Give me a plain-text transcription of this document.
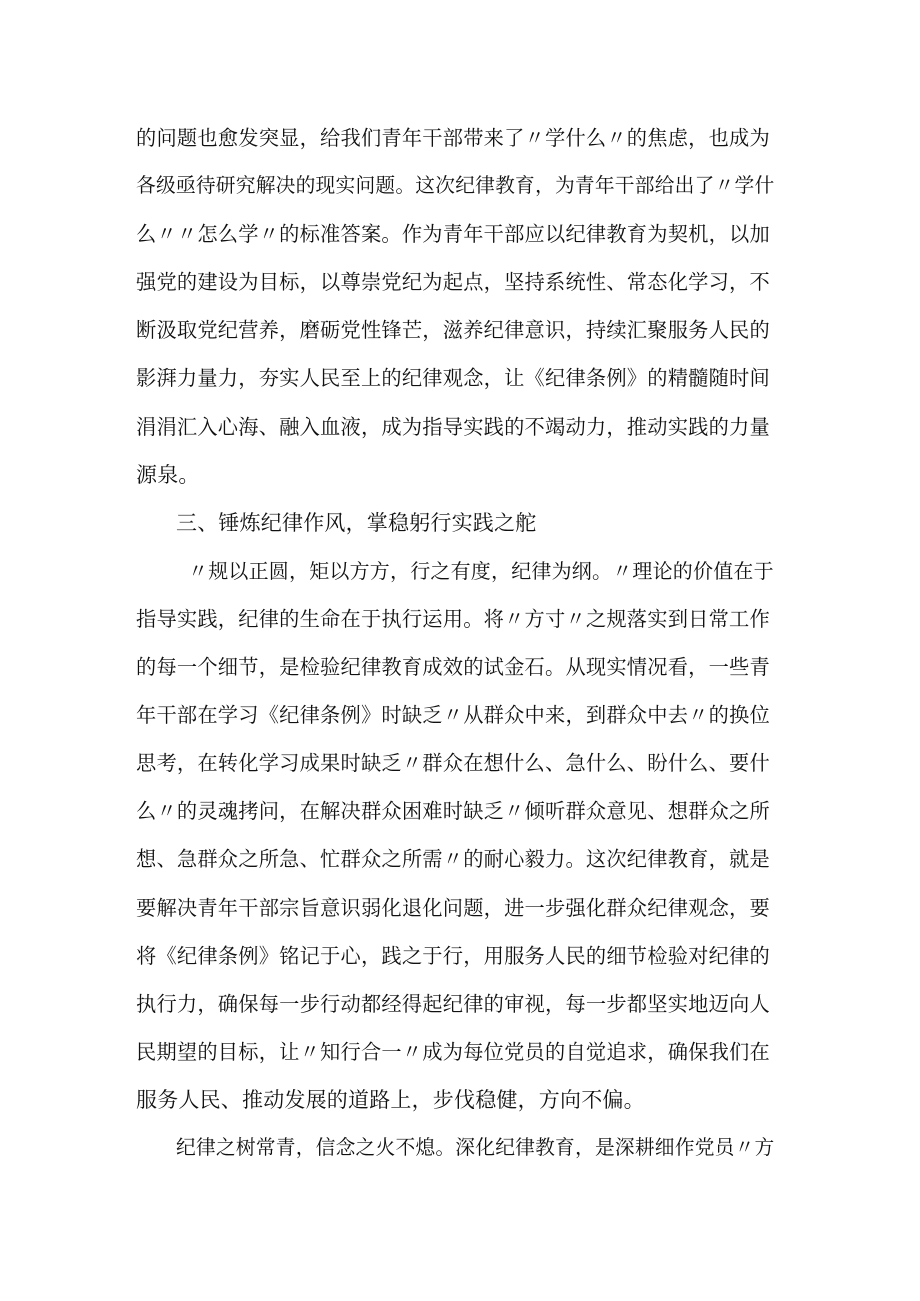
的问题也愈发突显，给我们青年干部带来了〃学什么〃的焦虑，也成为
各级亟待研究解决的现实问题。这次纪律教育，为青年干部给出了〃学什
么〃〃怎么学〃的标准答案。作为青年干部应以纪律教育为契机，以加
强党的建设为目标，以尊崇党纪为起点，坚持系统性、常态化学习，不
断汲取党纪营养，磨砺党性锋芒，滋养纪律意识，持续汇聚服务人民的
影湃力量力，夯实人民至上的纪律观念，让《纪律条例》的精髓随时间
涓涓汇入心海、融入血液，成为指导实践的不竭动力，推动实践的力量
源泉。
三、锤炼纪律作风，掌稳躬行实践之舵
〃规以正圆，矩以方方，行之有度，纪律为纲。〃理论的价值在于
指导实践，纪律的生命在于执行运用。将〃方寸〃之规落实到日常工作
的每一个细节，是检验纪律教育成效的试金石。从现实情况看，一些青
年干部在学习《纪律条例》时缺乏〃从群众中来，到群众中去〃的换位
思考，在转化学习成果时缺乏〃群众在想什么、急什么、盼什么、要什
么〃的灵魂拷问，在解决群众困难时缺乏〃倾听群众意见、想群众之所
想、急群众之所急、忙群众之所需〃的耐心毅力。这次纪律教育，就是
要解决青年干部宗旨意识弱化退化问题，进一步强化群众纪律观念，要
将《纪律条例》铭记于心，践之于行，用服务人民的细节检验对纪律的
执行力，确保每一步行动都经得起纪律的审视，每一步都坚实地迈向人
民期望的目标，让〃知行合一〃成为每位党员的自觉追求，确保我们在
服务人民、推动发展的道路上，步伐稳健，方向不偏。
纪律之树常青，信念之火不熄。深化纪律教育，是深耕细作党员〃方
